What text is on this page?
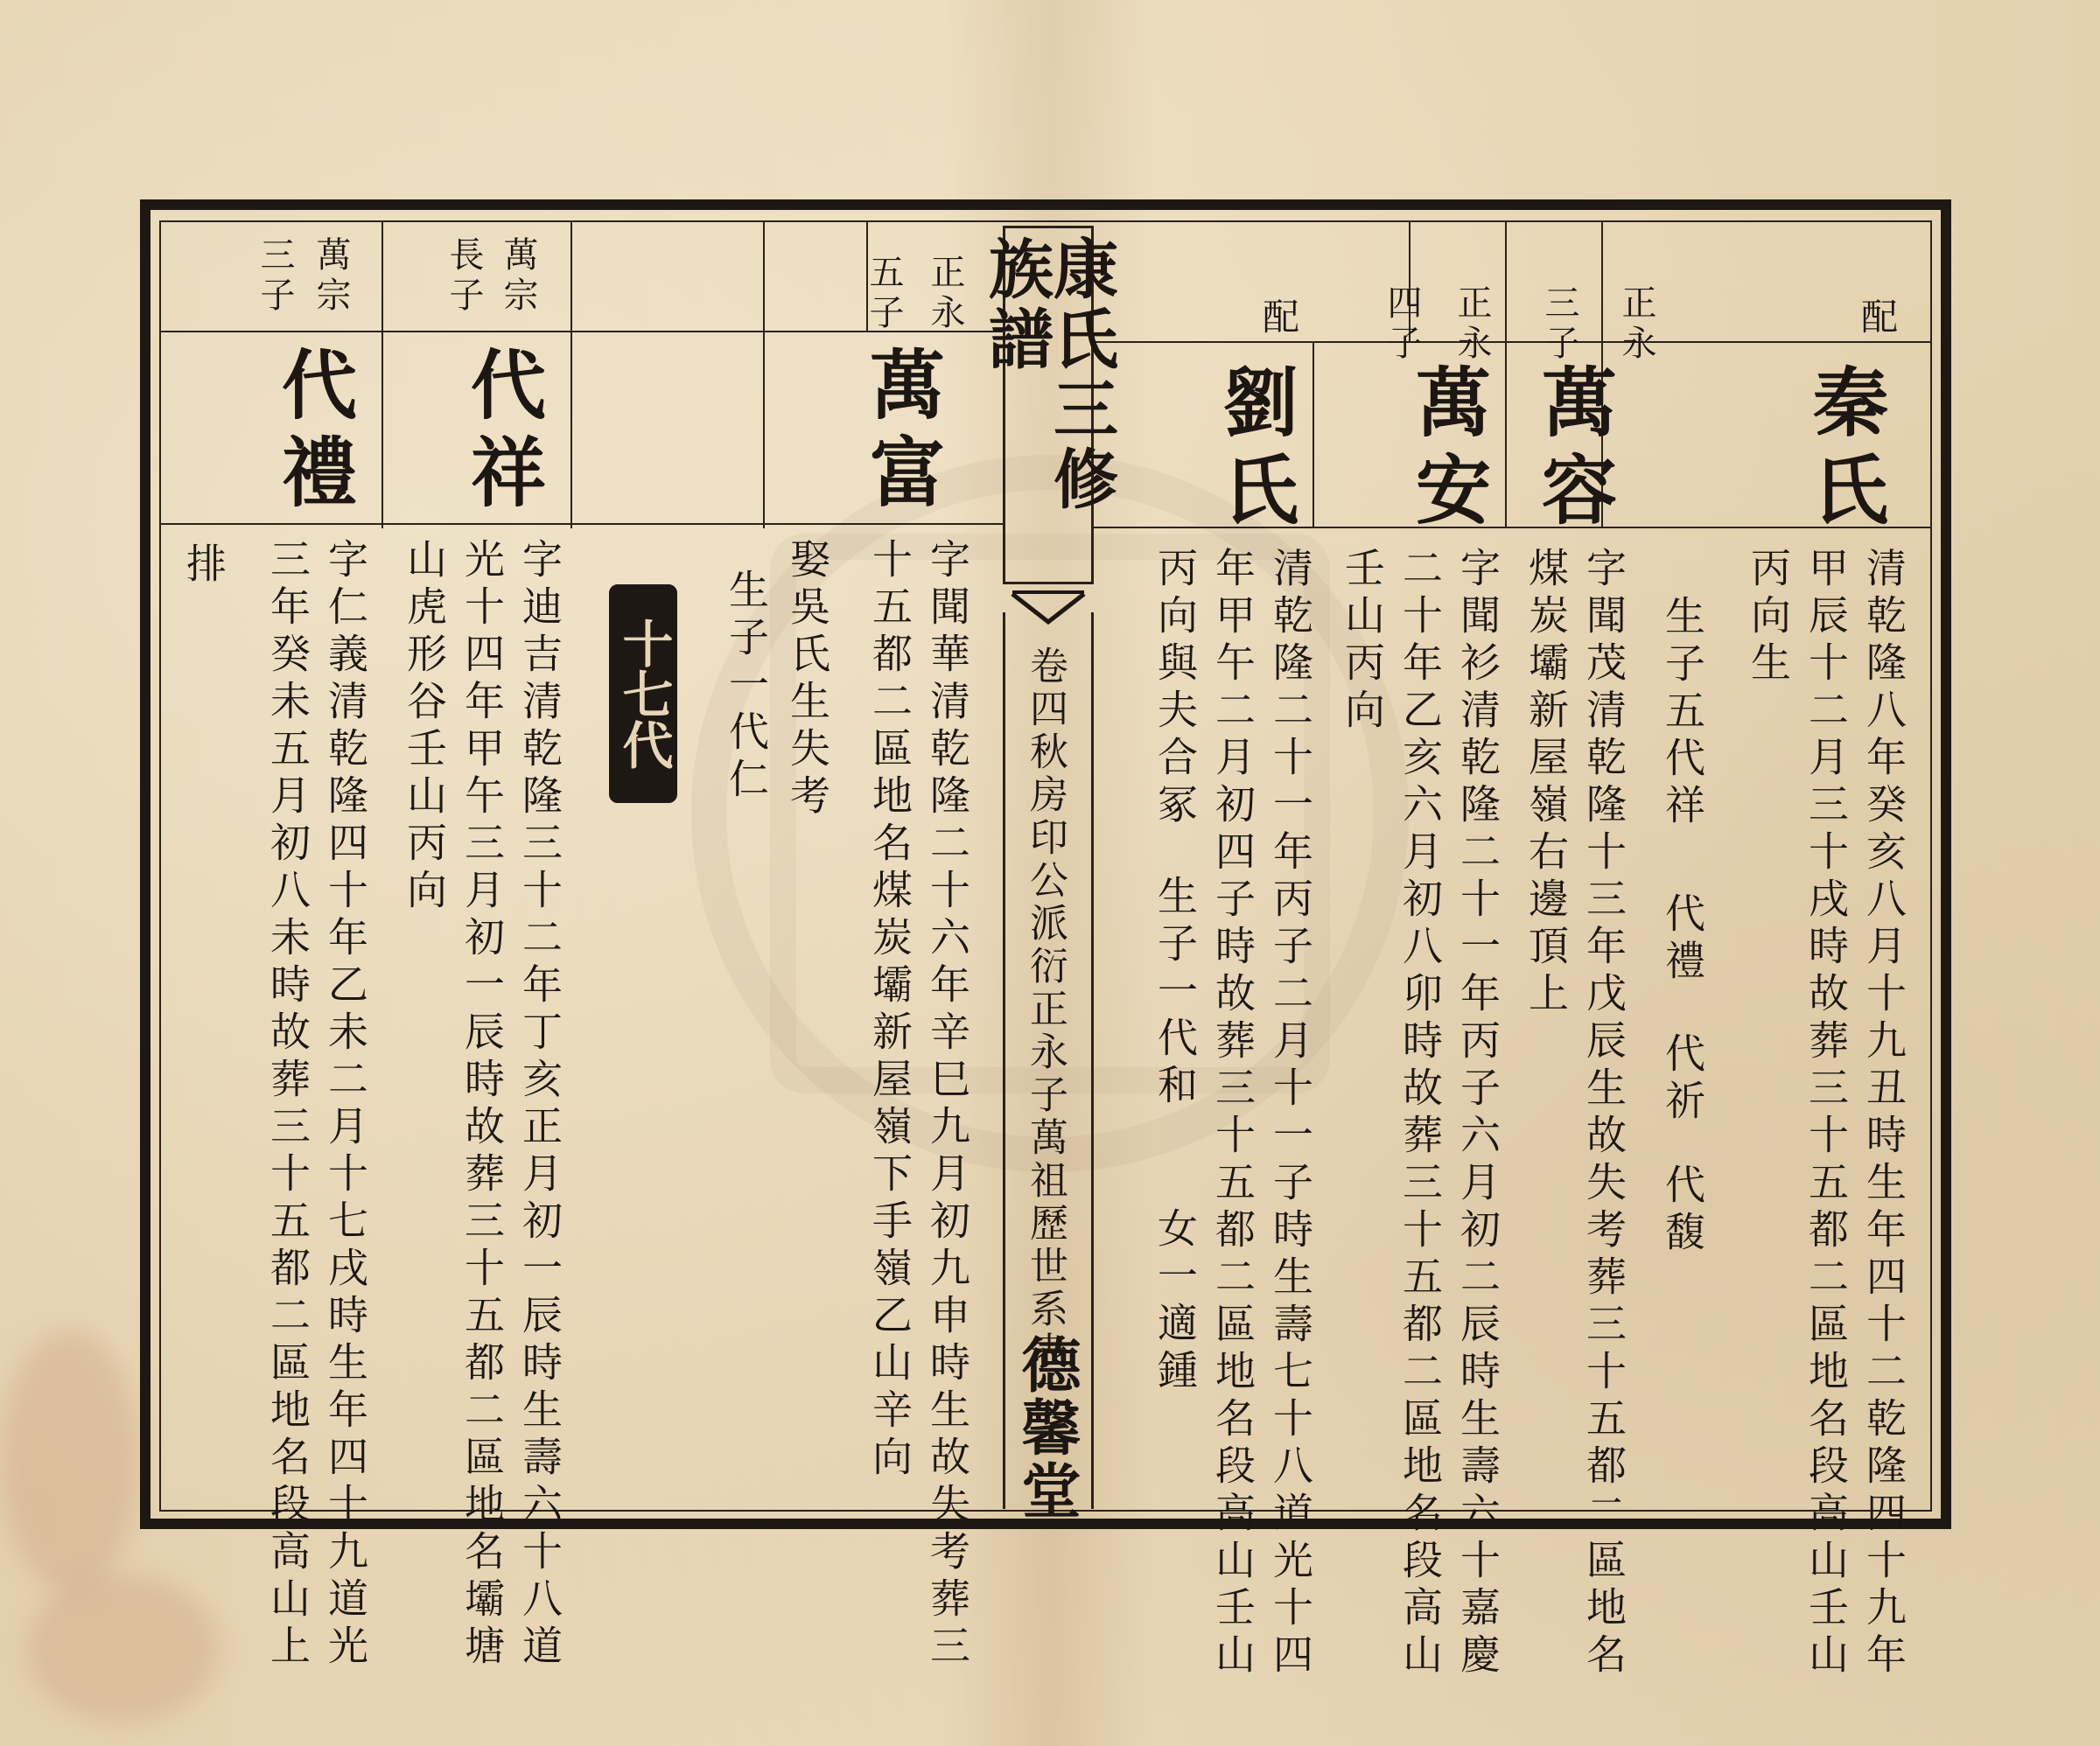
康氏三修族譜
卷四秋房印公派衍正永子萬祖歷世系表二
德馨堂
正永
三子
正永
四子	配
配
秦氏
萬容
萬安
劉氏
清乾隆八年癸亥八月十九丑時生年四十二乾隆四十九年
甲辰十二月三十戌時故葬三十五都二區地名段高山壬山
丙向生
生子五代祥
代禮
代祈
代馥
字聞茂清乾隆十三年戊辰生故失考葬三十五都二區地名
煤炭壩新屋嶺右邊頂上
字聞衫清乾隆二十一年丙子六月初二辰時生壽六十嘉慶
二十年乙亥六月初八卯時故葬三十五都二區地名段高山
壬山丙向
清乾隆二十一年丙子二月十一子時生壽七十八道光十四
年甲午二月初四子時故葬三十五都二區地名段高山壬山
丙向與夫合冢
生子一代和
女一適鍾
正永
五子
萬宗
長子
萬宗
三子
萬富
代祥
代禮
字聞華清乾隆二十六年辛巳九月初九申時生故失考葬三
十五都二區地名煤炭壩新屋嶺下手嶺乙山辛向
娶吳氏生失考
生子一代仁
十七代
字迪吉清乾隆三十二年丁亥正月初一辰時生壽六十八道
光十四年甲午三月初一辰時故葬三十五都二區地名壩塘
山虎形谷壬山丙向
字仁義清乾隆四十年乙未二月十七戌時生年四十九道光
三年癸未五月初八未時故葬三十五都二區地名段高山上
排
